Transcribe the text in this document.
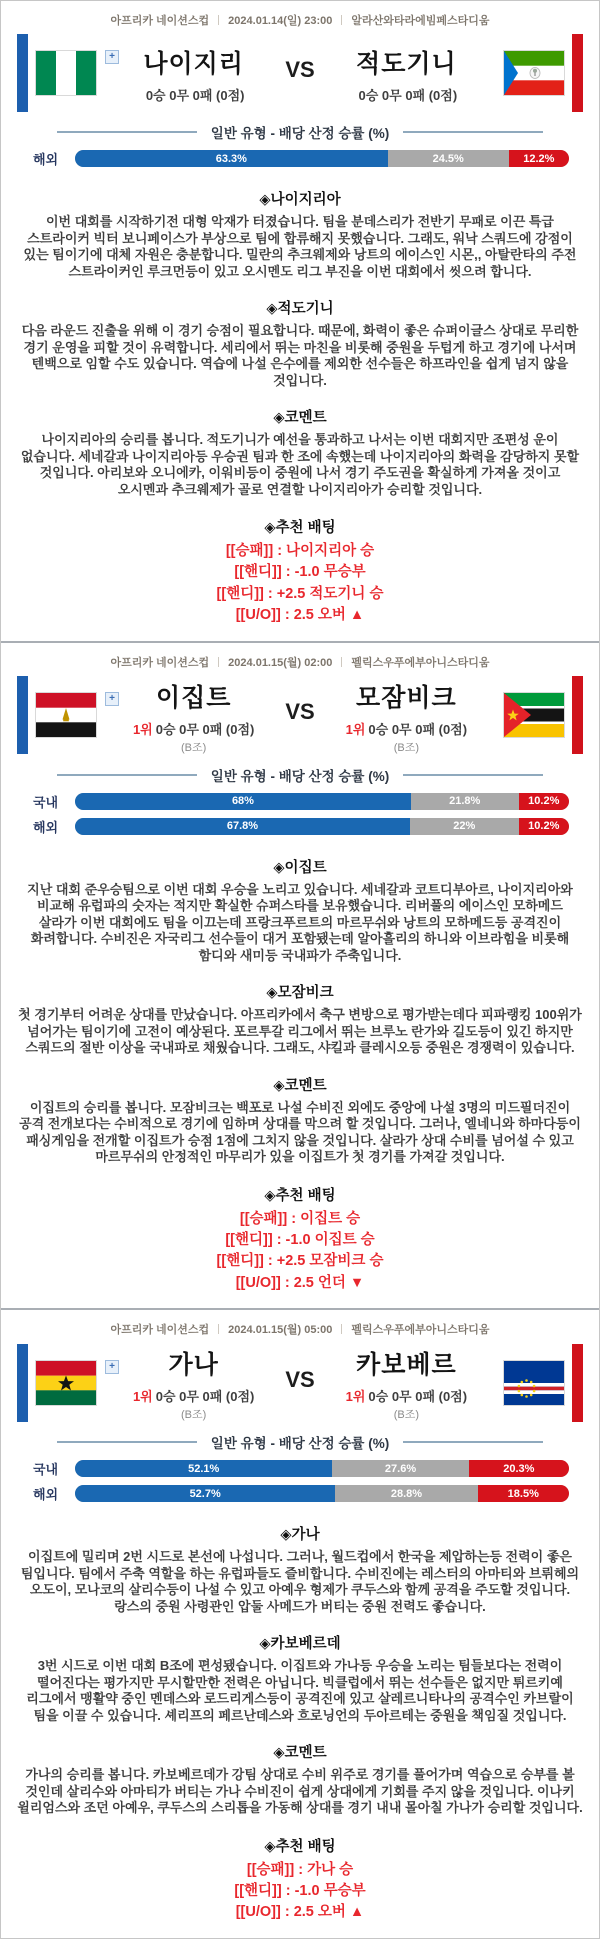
아프리카 네이션스컵 2024.01.14(일) 23:00 알라산와타라에빔페스타디움
+	나이지리
0승 0무 0패 (0점)
VS	적도기니
0승 0무 0패 (0점)
일반 유형 - 배당 산정 승률 (%)
해외	63.3%	24.5%	12.2%
◈나이지리아

이번 대회를 시작하기전 대형 악재가 터졌습니다. 팀을 분데스리가 전반기 무패로 이끈 특급 스트라이커 빅터 보니페이스가 부상으로 팀에 합류해지 못했습니다. 그래도, 워낙 스쿼드에 강점이 있는 팀이기에 대체 자원은 충분합니다. 밀란의 추크웨제와 낭트의 에이스인 시몬,, 아탈란타의 주전 스트라이커인 루크먼등이 있고 오시멘도 리그 부진을 이번 대회에서 씻으려 합니다.

◈적도기니

다음 라운드 진출을 위해 이 경기 승점이 필요합니다. 때문에, 화력이 좋은 슈퍼이글스 상대로 무리한 경기 운영을 피할 것이 유력합니다. 세리에서 뛰는 마친을 비롯해 중원을 두텁게 하고 경기에 나서며 텐백으로 임할 수도 있습니다. 역습에 나설 은수에를 제외한 선수들은 하프라인을 쉽게 넘지 않을 것입니다.

◈코멘트

나이지리아의 승리를 봅니다. 적도기니가 예선을 통과하고 나서는 이번 대회지만 조편성 운이 없습니다. 세네갈과 나이지리아등 우승권 팀과 한 조에 속했는데 나이지리아의 화력을 감당하지 못할 것입니다. 아리보와 오니에카, 이워비등이 중원에 나서 경기 주도권을 확실하게 가져올 것이고 오시멘과 추크웨제가 골로 연결할 나이지리아가 승리할 것입니다.

◈추천 배팅

[[승패]] : 나이지리아 승

[[핸디]] : -1.0 무승부

[[핸디]] : +2.5 적도기니 승

[[U/O]] : 2.5 오버 ▲

아프리카 네이션스컵 2024.01.15(월) 02:00 펠릭스우푸에부아니스타디움
+	이집트
1위 0승 0무 0패 (0점)
(B조)
VS	모잠비크
1위 0승 0무 0패 (0점)
(B조)
일반 유형 - 배당 산정 승률 (%)
국내	68%	21.8%	10.2%
해외	67.8%	22%	10.2%
◈이집트

지난 대회 준우승팀으로 이번 대회 우승을 노리고 있습니다. 세네갈과 코트디부아르, 나이지리아와 비교해 유럽파의 숫자는 적지만 확실한 슈퍼스타를 보유했습니다. 리버풀의 에이스인 모하메드 살라가 이번 대회에도 팀을 이끄는데 프랑크푸르트의 마르무쉬와 낭트의 모하메드등 공격진이 화려합니다. 수비진은 자국리그 선수들이 대거 포함됐는데 알아흘리의 하니와 이브라힘을 비롯해 함디와 새미등 국내파가 주축입니다.

◈모잠비크

첫 경기부터 어려운 상대를 만났습니다. 아프리카에서 축구 변방으로 평가받는데다 피파랭킹 100위가 넘어가는 팀이기에 고전이 예상된다. 포르투갈 리그에서 뛰는 브루노 란가와 길도등이 있긴 하지만 스쿼드의 절반 이상을 국내파로 채웠습니다. 그래도, 샤킬과 클레시오등 중원은 경쟁력이 있습니다.

◈코멘트

이집트의 승리를 봅니다. 모잠비크는 백포로 나설 수비진 외에도 중앙에 나설 3명의 미드필더진이 공격 전개보다는 수비적으로 경기에 임하며 상대를 막으려 할 것입니다. 그러나, 엘네니와 하마다등이 패싱게임을 전개할 이집트가 승점 1점에 그치지 않을 것입니다. 살라가 상대 수비를 넘어설 수 있고 마르무쉬의 안정적인 마무리가 있을 이집트가 첫 경기를 가져갈 것입니다.

◈추천 배팅

[[승패]] : 이집트 승

[[핸디]] : -1.0 이집트 승

[[핸디]] : +2.5 모잠비크 승

[[U/O]] : 2.5 언더 ▼

아프리카 네이션스컵 2024.01.15(월) 05:00 펠릭스우푸에부아니스타디움
+	가나
1위 0승 0무 0패 (0점)
(B조)
VS	카보베르
1위 0승 0무 0패 (0점)
(B조)
일반 유형 - 배당 산정 승률 (%)
국내	52.1%	27.6%	20.3%
해외	52.7%	28.8%	18.5%
◈가나

이집트에 밀리며 2번 시드로 본선에 나섭니다. 그러나, 월드컵에서 한국을 제압하는등 전력이 좋은 팀입니다. 팀에서 주축 역할을 하는 유럽파들도 즐비합니다. 수비진에는 레스터의 아마티와 브뤼헤의 오도이, 모나코의 살리수등이 나설 수 있고 아예우 형제가 쿠두스와 함께 공격을 주도할 것입니다. 랑스의 중원 사령관인 압둘 사메드가 버티는 중원 전력도 좋습니다.

◈카보베르데

3번 시드로 이번 대회 B조에 편성됐습니다. 이집트와 가나등 우승을 노리는 팀들보다는 전력이 떨어진다는 평가지만 무시할만한 전력은 아닙니다. 빅클럽에서 뛰는 선수들은 없지만 튀르키예 리그에서 맹활약 중인 멘데스와 로드리게스등이 공격진에 있고 살레르니타나의 공격수인 카브랄이 팀을 이끌 수 있습니다. 셰리프의 페르난데스와 흐로닝언의 두아르테는 중원을 책임질 것입니다.

◈코멘트

가나의 승리를 봅니다. 카보베르데가 강팀 상대로 수비 위주로 경기를 풀어가며 역습으로 승부를 볼 것인데 살리수와 아마티가 버티는 가나 수비진이 쉽게 상대에게 기회를 주지 않을 것입니다. 이나키 윌리엄스와 조던 아예우, 쿠두스의 스리톱을 가동해 상대를 경기 내내 몰아칠 가나가 승리할 것입니다.

◈추천 배팅

[[승패]] : 가나 승

[[핸디]] : -1.0 무승부

[[U/O]] : 2.5 오버 ▲
